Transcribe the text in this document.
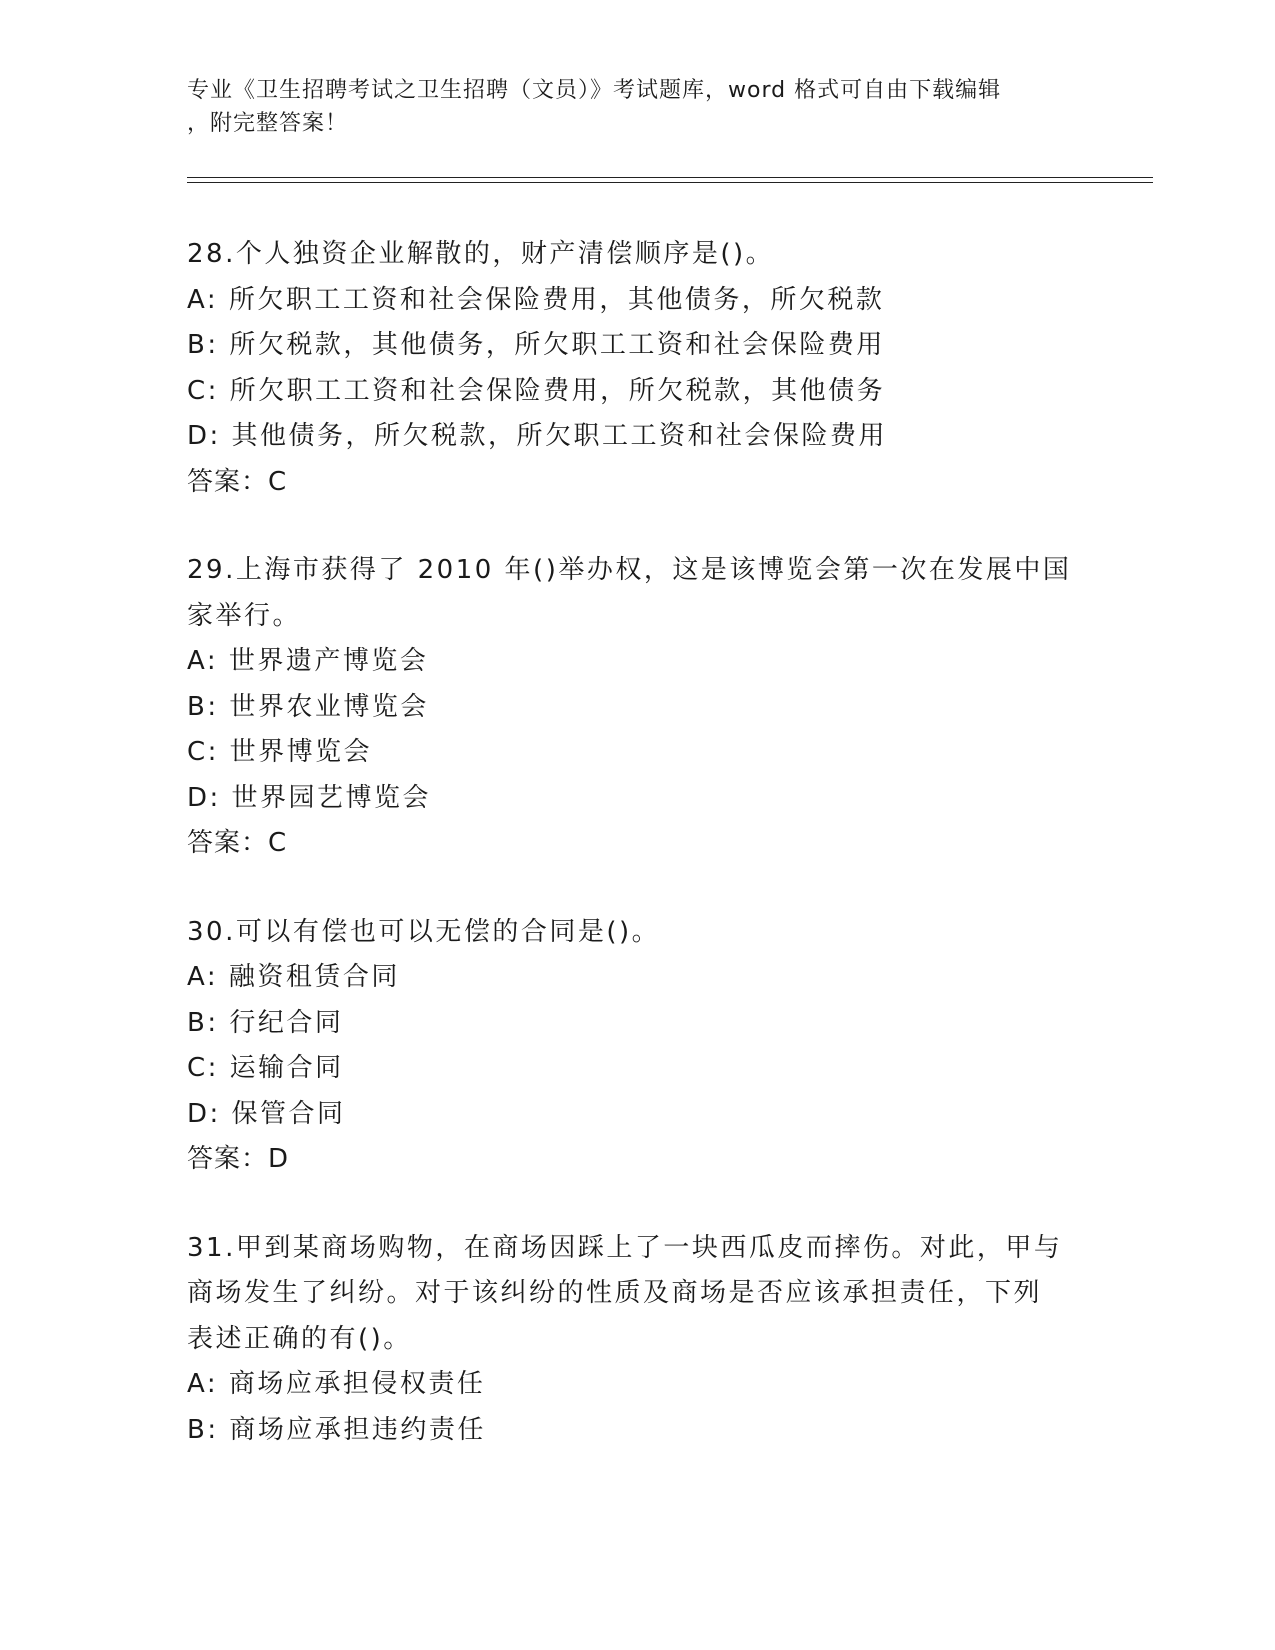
专业《卫生招聘考试之卫生招聘（文员）》考试题库，word 格式可自由下载编辑
，附完整答案！
28.个人独资企业解散的，财产清偿顺序是()。
A: 所欠职工工资和社会保险费用，其他债务，所欠税款
B: 所欠税款，其他债务，所欠职工工资和社会保险费用
C: 所欠职工工资和社会保险费用，所欠税款，其他债务
D: 其他债务，所欠税款，所欠职工工资和社会保险费用
答案：C
29.上海市获得了 2010 年()举办权，这是该博览会第一次在发展中国
家举行。
A: 世界遗产博览会
B: 世界农业博览会
C: 世界博览会
D: 世界园艺博览会
答案：C
30.可以有偿也可以无偿的合同是()。
A: 融资租赁合同
B: 行纪合同
C: 运输合同
D: 保管合同
答案：D
31.甲到某商场购物，在商场因踩上了一块西瓜皮而摔伤。对此，甲与
商场发生了纠纷。对于该纠纷的性质及商场是否应该承担责任，下列
表述正确的有()。
A: 商场应承担侵权责任
B: 商场应承担违约责任
